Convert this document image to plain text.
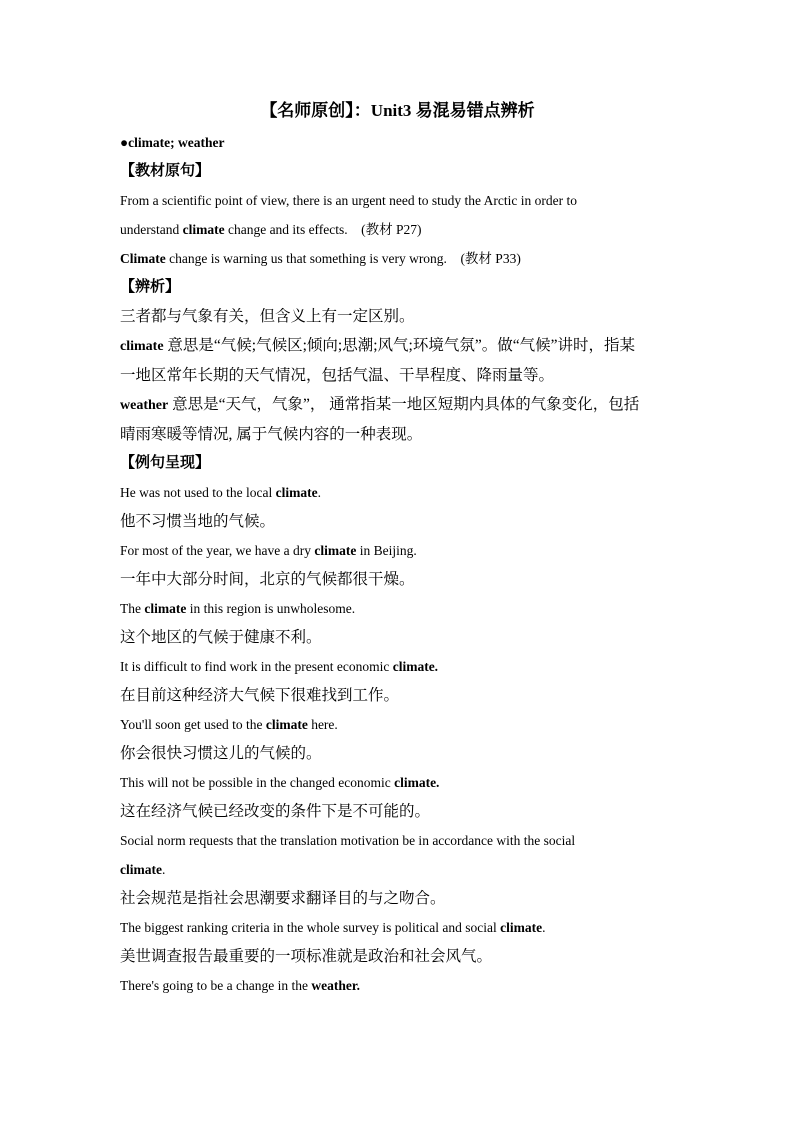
【名师原创】：Unit3 易混易错点辨析
●climate; weather
【教材原句】
From a scientific point of view, there is an urgent need to study the Arctic in order to
understand climate change and its effects. (教材 P27)
Climate change is warning us that something is very wrong. (教材 P33)
【辨析】
三者都与气象有关，但含义上有一定区别。
climate 意思是“气候;气候区;倾向;思潮;风气;环境气氛”。做“气候”讲时，指某
一地区常年长期的天气情况，包括气温、干旱程度、降雨量等。
weather 意思是“天气，气象”， 通常指某一地区短期内具体的气象变化，包括
晴雨寒暖等情况, 属于气候内容的一种表现。
【例句呈现】
He was not used to the local climate.
他不习惯当地的气候。
For most of the year, we have a dry climate in Beijing.
一年中大部分时间，北京的气候都很干燥。
The climate in this region is unwholesome.
这个地区的气候于健康不利。
It is difficult to find work in the present economic climate.
在目前这种经济大气候下很难找到工作。
You'll soon get used to the climate here.
你会很快习惯这儿的气候的。
This will not be possible in the changed economic climate.
这在经济气候已经改变的条件下是不可能的。
Social norm requests that the translation motivation be in accordance with the social
climate.
社会规范是指社会思潮要求翻译目的与之吻合。
The biggest ranking criteria in the whole survey is political and social climate.
美世调查报告最重要的一项标准就是政治和社会风气。
There's going to be a change in the weather.
